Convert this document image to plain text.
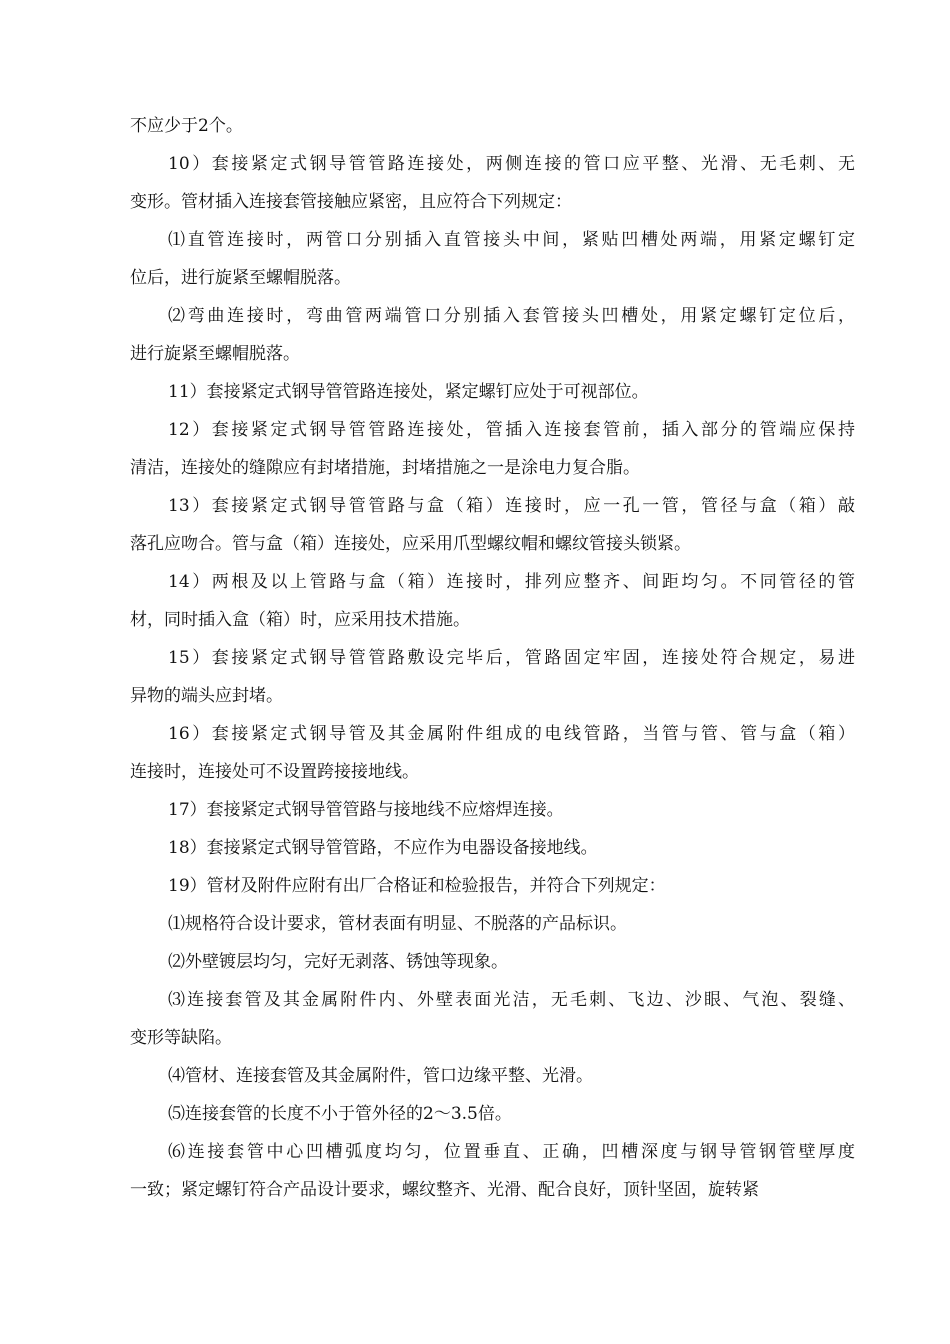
不应少于2个。
10）套接紧定式钢导管管路连接处，两侧连接的管口应平整、光滑、无毛刺、无
变形。管材插入连接套管接触应紧密，且应符合下列规定：
⑴直管连接时，两管口分别插入直管接头中间，紧贴凹槽处两端，用紧定螺钉定
位后，进行旋紧至螺帽脱落。
⑵弯曲连接时，弯曲管两端管口分别插入套管接头凹槽处，用紧定螺钉定位后，
进行旋紧至螺帽脱落。
11）套接紧定式钢导管管路连接处，紧定螺钉应处于可视部位。
12）套接紧定式钢导管管路连接处，管插入连接套管前，插入部分的管端应保持
清洁，连接处的缝隙应有封堵措施，封堵措施之一是涂电力复合脂。
13）套接紧定式钢导管管路与盒（箱）连接时，应一孔一管，管径与盒（箱）敲
落孔应吻合。管与盒（箱）连接处，应采用爪型螺纹帽和螺纹管接头锁紧。
14）两根及以上管路与盒（箱）连接时，排列应整齐、间距均匀。不同管径的管
材，同时插入盒（箱）时，应采用技术措施。
15）套接紧定式钢导管管路敷设完毕后，管路固定牢固，连接处符合规定，易进
异物的端头应封堵。
16）套接紧定式钢导管及其金属附件组成的电线管路，当管与管、管与盒（箱）
连接时，连接处可不设置跨接接地线。
17）套接紧定式钢导管管路与接地线不应熔焊连接。
18）套接紧定式钢导管管路，不应作为电器设备接地线。
19）管材及附件应附有出厂合格证和检验报告，并符合下列规定：
⑴规格符合设计要求，管材表面有明显、不脱落的产品标识。
⑵外壁镀层均匀，完好无剥落、锈蚀等现象。
⑶连接套管及其金属附件内、外壁表面光洁，无毛刺、飞边、沙眼、气泡、裂缝、
变形等缺陷。
⑷管材、连接套管及其金属附件，管口边缘平整、光滑。
⑸连接套管的长度不小于管外径的2～3.5倍。
⑹连接套管中心凹槽弧度均匀，位置垂直、正确，凹槽深度与钢导管钢管壁厚度
一致；紧定螺钉符合产品设计要求，螺纹整齐、光滑、配合良好，顶针坚固，旋转紧
